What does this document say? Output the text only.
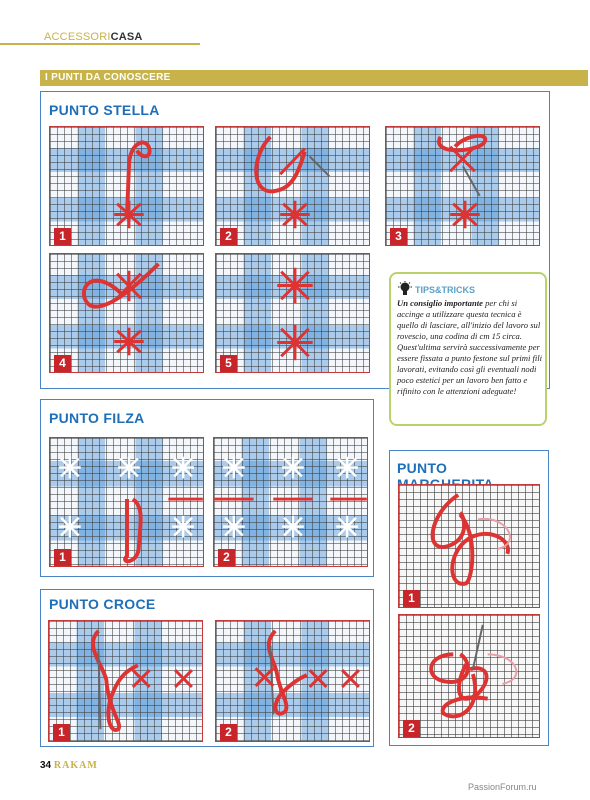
ACCESSORICASA
I PUNTI DA CONOSCERE
PUNTO STELLA
1	2	3
4	5
TIPS&TRICKS
Un consiglio importante per chi si accinge a utilizzare questa tecnica è quello di lasciare, all'inizio del lavoro sul rovescio, una codina di cm 15 circa. Quest'ultima servirà successivamente per essere fissata a punto festone sul primi fili lavorati, evitando così gli eventuali nodi poco estetici per un lavoro ben fatto e rifinito con le attenzioni adeguate!
PUNTO FILZA
1	2
PUNTO
1
2
PUNTO CROCE
1	2
34 RAKAM
PassionForum.ru
